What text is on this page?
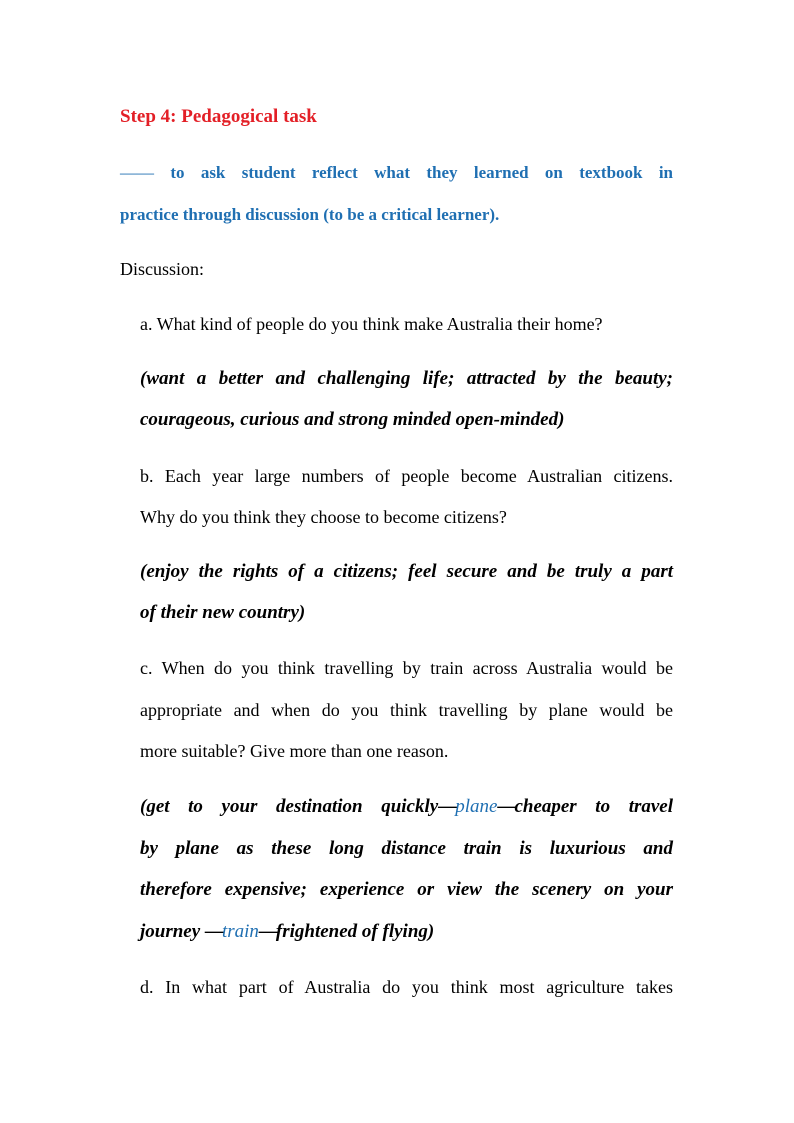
Step 4: Pedagogical task
—— to ask student reflect what they learned on textbook in
practice through discussion (to be a critical learner).
Discussion:
a. What kind of people do you think make Australia their home?
(want a better and challenging life; attracted by the beauty;
courageous, curious and strong minded open-minded)
b. Each year large numbers of people become Australian citizens.
Why do you think they choose to become citizens?
(enjoy the rights of a citizens; feel secure and be truly a part
of their new country)
c. When do you think travelling by train across Australia would be
appropriate and when do you think travelling by plane would be
more suitable? Give more than one reason.
(get to your destination quickly—plane—cheaper to travel
by plane as these long distance train is luxurious and
therefore expensive; experience or view the scenery on your
journey —train—frightened of flying)
d. In what part of Australia do you think most agriculture takes
